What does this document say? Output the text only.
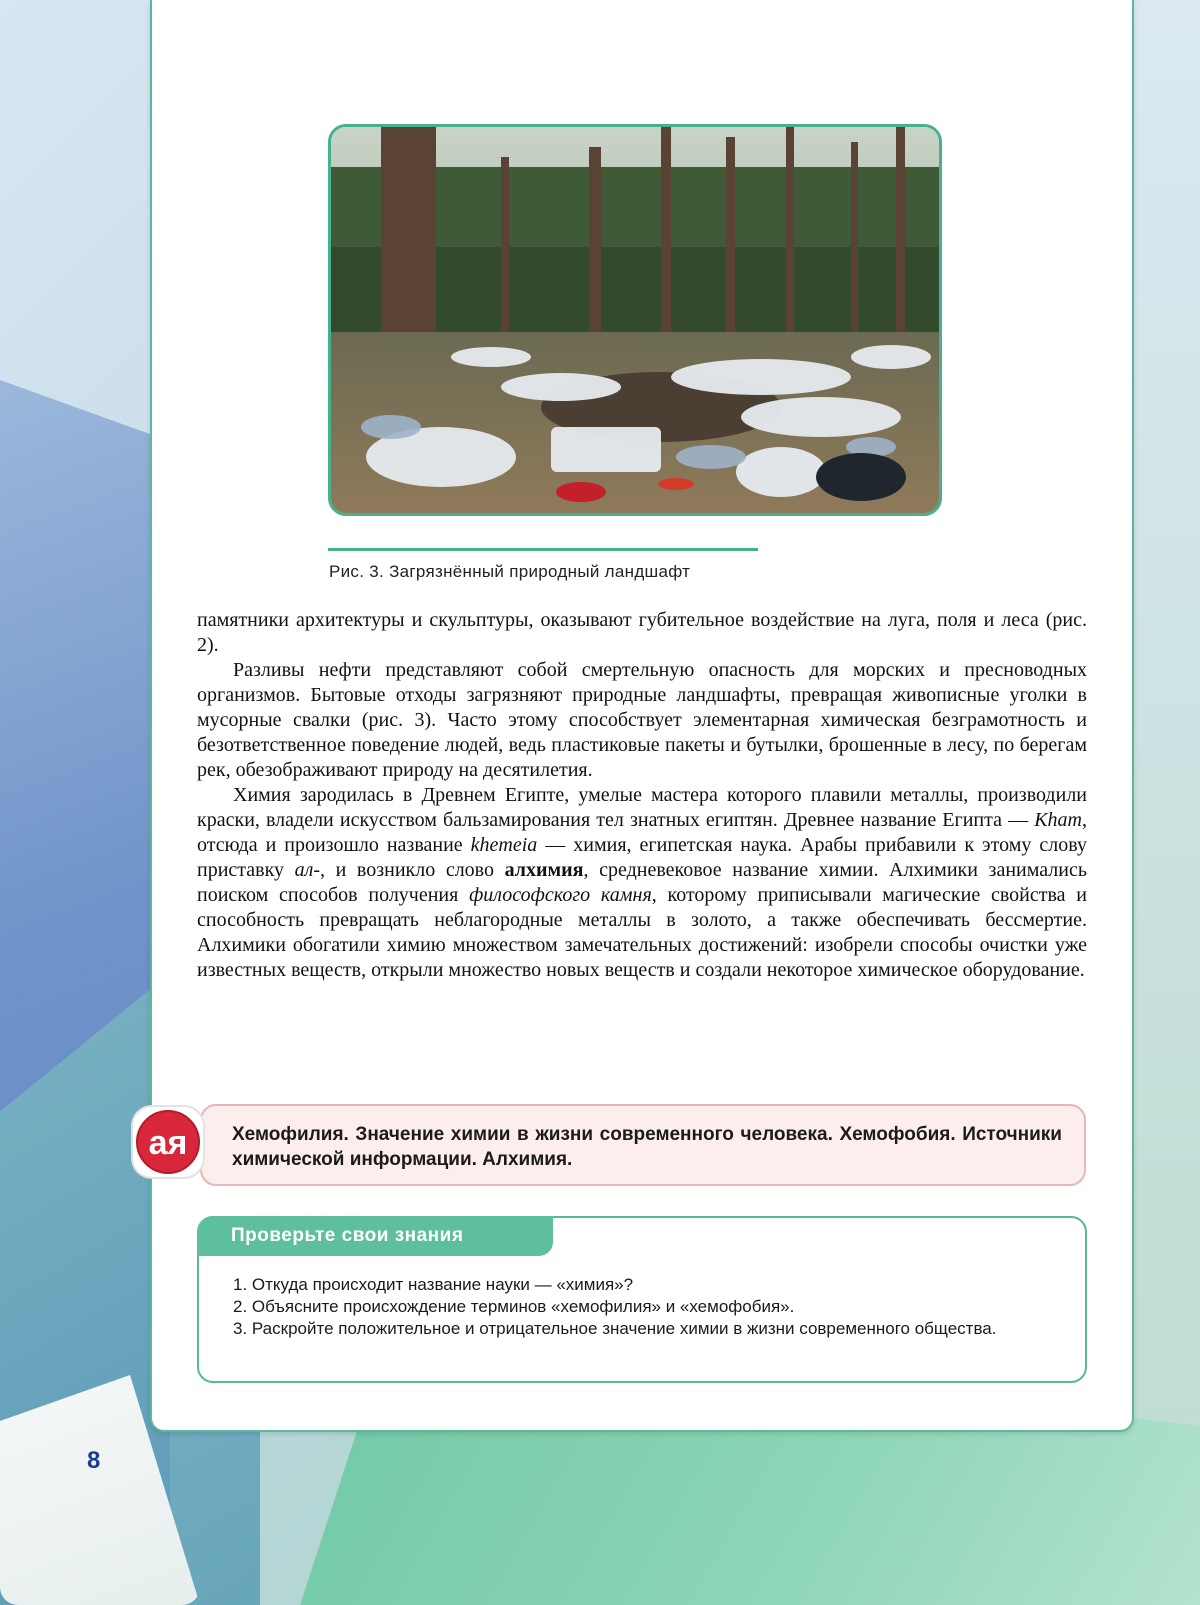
8
Рис. 3. Загрязнённый природный ландшафт

памятники архитектуры и скульптуры, оказывают губительное воздействие на луга, поля и леса (рис. 2).

Разливы нефти представляют собой смертельную опасность для морских и пресноводных организмов. Бытовые отходы загрязняют природные ландшафты, превращая живописные уголки в мусорные свалки (рис. 3). Часто этому способствует элементарная химическая безграмотность и безответственное поведение людей, ведь пластиковые пакеты и бутылки, брошенные в лесу, по берегам рек, обезображивают природу на десятилетия.

Химия зародилась в Древнем Египте, умелые мастера которого плавили металлы, производили краски, владели искусством бальзамирования тел знатных египтян. Древнее название Египта — Kham, отсюда и произошло название khemeia — химия, египетская наука. Арабы прибавили к этому слову приставку ал-, и возникло слово алхимия, средневековое название химии. Алхимики занимались поиском способов получения философского камня, которому приписывали магические свойства и способность превращать неблагородные металлы в золото, а также обеспечивать бессмертие. Алхимики обогатили химию множеством замечательных достижений: изобрели способы очистки уже известных веществ, открыли множество новых веществ и создали некоторое химическое оборудование.

Хемофилия. Значение химии в жизни современного человека. Хемофобия. Источники химической информации. Алхимия.
ая
Проверьте свои знания
1. Откуда происходит название науки — «химия»?
2. Объясните происхождение терминов «хемофилия» и «хемофобия».
3. Раскройте положительное и отрицательное значение химии в жизни современного общества.
